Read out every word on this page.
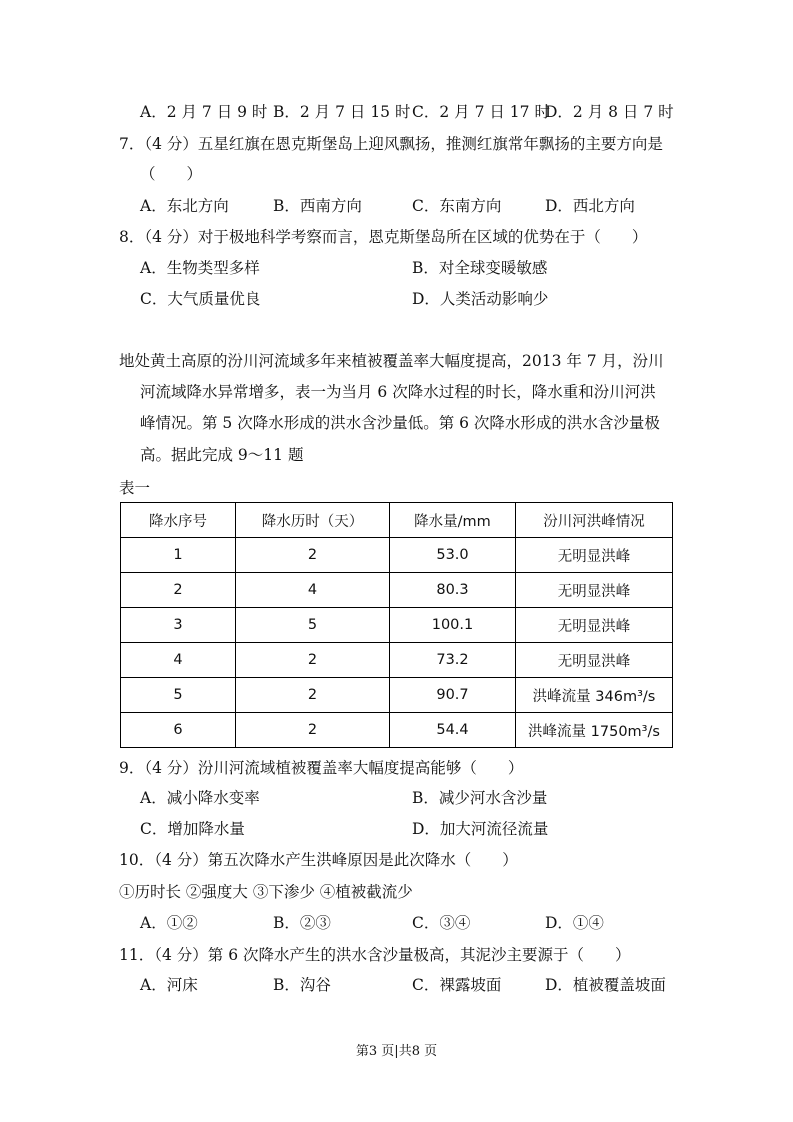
A．2 月 7 日 9 时 B．2 月 7 日 15 时 C．2 月 7 日 17 时
D．2 月 8 日 7 时
7．（4 分）五星红旗在恩克斯堡岛上迎风飘扬，推测红旗常年飘扬的主要方向是
（　　）
A．东北方向	B．西南方向	C．东南方向	D．西北方向
8．（4 分）对于极地科学考察而言，恩克斯堡岛所在区域的优势在于（　　）
A．生物类型多样	B．对全球变暖敏感
C．大气质量优良	D．人类活动影响少
地处黄土高原的汾川河流域多年来植被覆盖率大幅度提高，2013 年 7 月，汾川
河流域降水异常增多，表一为当月 6 次降水过程的时长，降水重和汾川河洪
峰情况。第 5 次降水形成的洪水含沙量低。第 6 次降水形成的洪水含沙量极
高。据此完成 9～11 题
表一
降水序号	降水历时（天）	降水量/mm	汾川河洪峰情况
1	2	53.0	无明显洪峰
2	4	80.3	无明显洪峰
3	5	100.1	无明显洪峰
4	2	73.2	无明显洪峰
5	2	90.7	洪峰流量 346m³/s
6	2	54.4	洪峰流量 1750m³/s
9．（4 分）汾川河流域植被覆盖率大幅度提高能够（　　）
A．减小降水变率	B．减少河水含沙量
C．增加降水量	D．加大河流径流量
10．（4 分）第五次降水产生洪峰原因是此次降水（　　）
①历时长 ②强度大 ③下渗少 ④植被截流少
A．①②	B．②③	C．③④	D．①④
11．（4 分）第 6 次降水产生的洪水含沙量极高，其泥沙主要源于（　　）
A．河床	B．沟谷	C．裸露坡面	D．植被覆盖坡面
第3 页|共8 页
